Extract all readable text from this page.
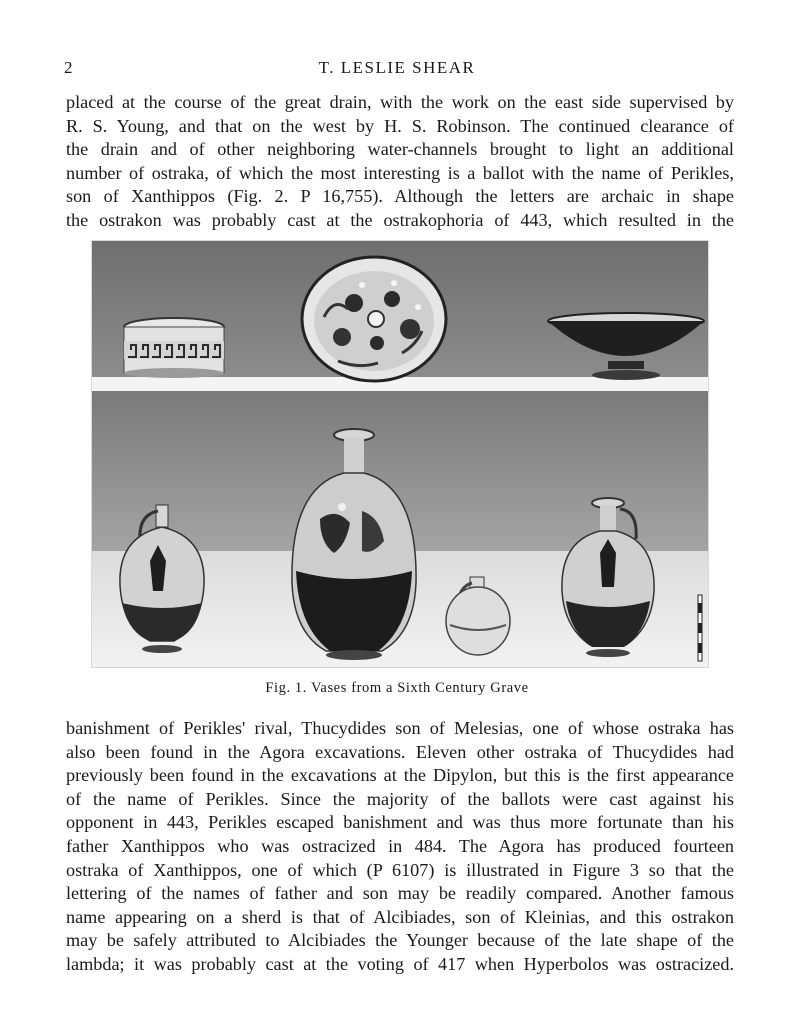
2	T. LESLIE SHEAR
placed at the course of the great drain, with the work on the east side supervised by
R. S. Young, and that on the west by H. S. Robinson. The continued clearance of
the drain and of other neighboring water-channels brought to light an additional
number of ostraka, of which the most interesting is a ballot with the name of Perikles,
son of Xanthippos (Fig. 2. P 16,755). Although the letters are archaic in shape
the ostrakon was probably cast at the ostrakophoria of 443, which resulted in the
Fig. 1. Vases from a Sixth Century Grave
banishment of Perikles' rival, Thucydides son of Melesias, one of whose ostraka has
also been found in the Agora excavations. Eleven other ostraka of Thucydides had
previously been found in the excavations at the Dipylon, but this is the first appearance
of the name of Perikles. Since the majority of the ballots were cast against his
opponent in 443, Perikles escaped banishment and was thus more fortunate than his
father Xanthippos who was ostracized in 484. The Agora has produced fourteen
ostraka of Xanthippos, one of which (P 6107) is illustrated in Figure 3 so that the
lettering of the names of father and son may be readily compared. Another famous
name appearing on a sherd is that of Alcibiades, son of Kleinias, and this ostrakon
may be safely attributed to Alcibiades the Younger because of the late shape of the
lambda; it was probably cast at the voting of 417 when Hyperbolos was ostracized.
